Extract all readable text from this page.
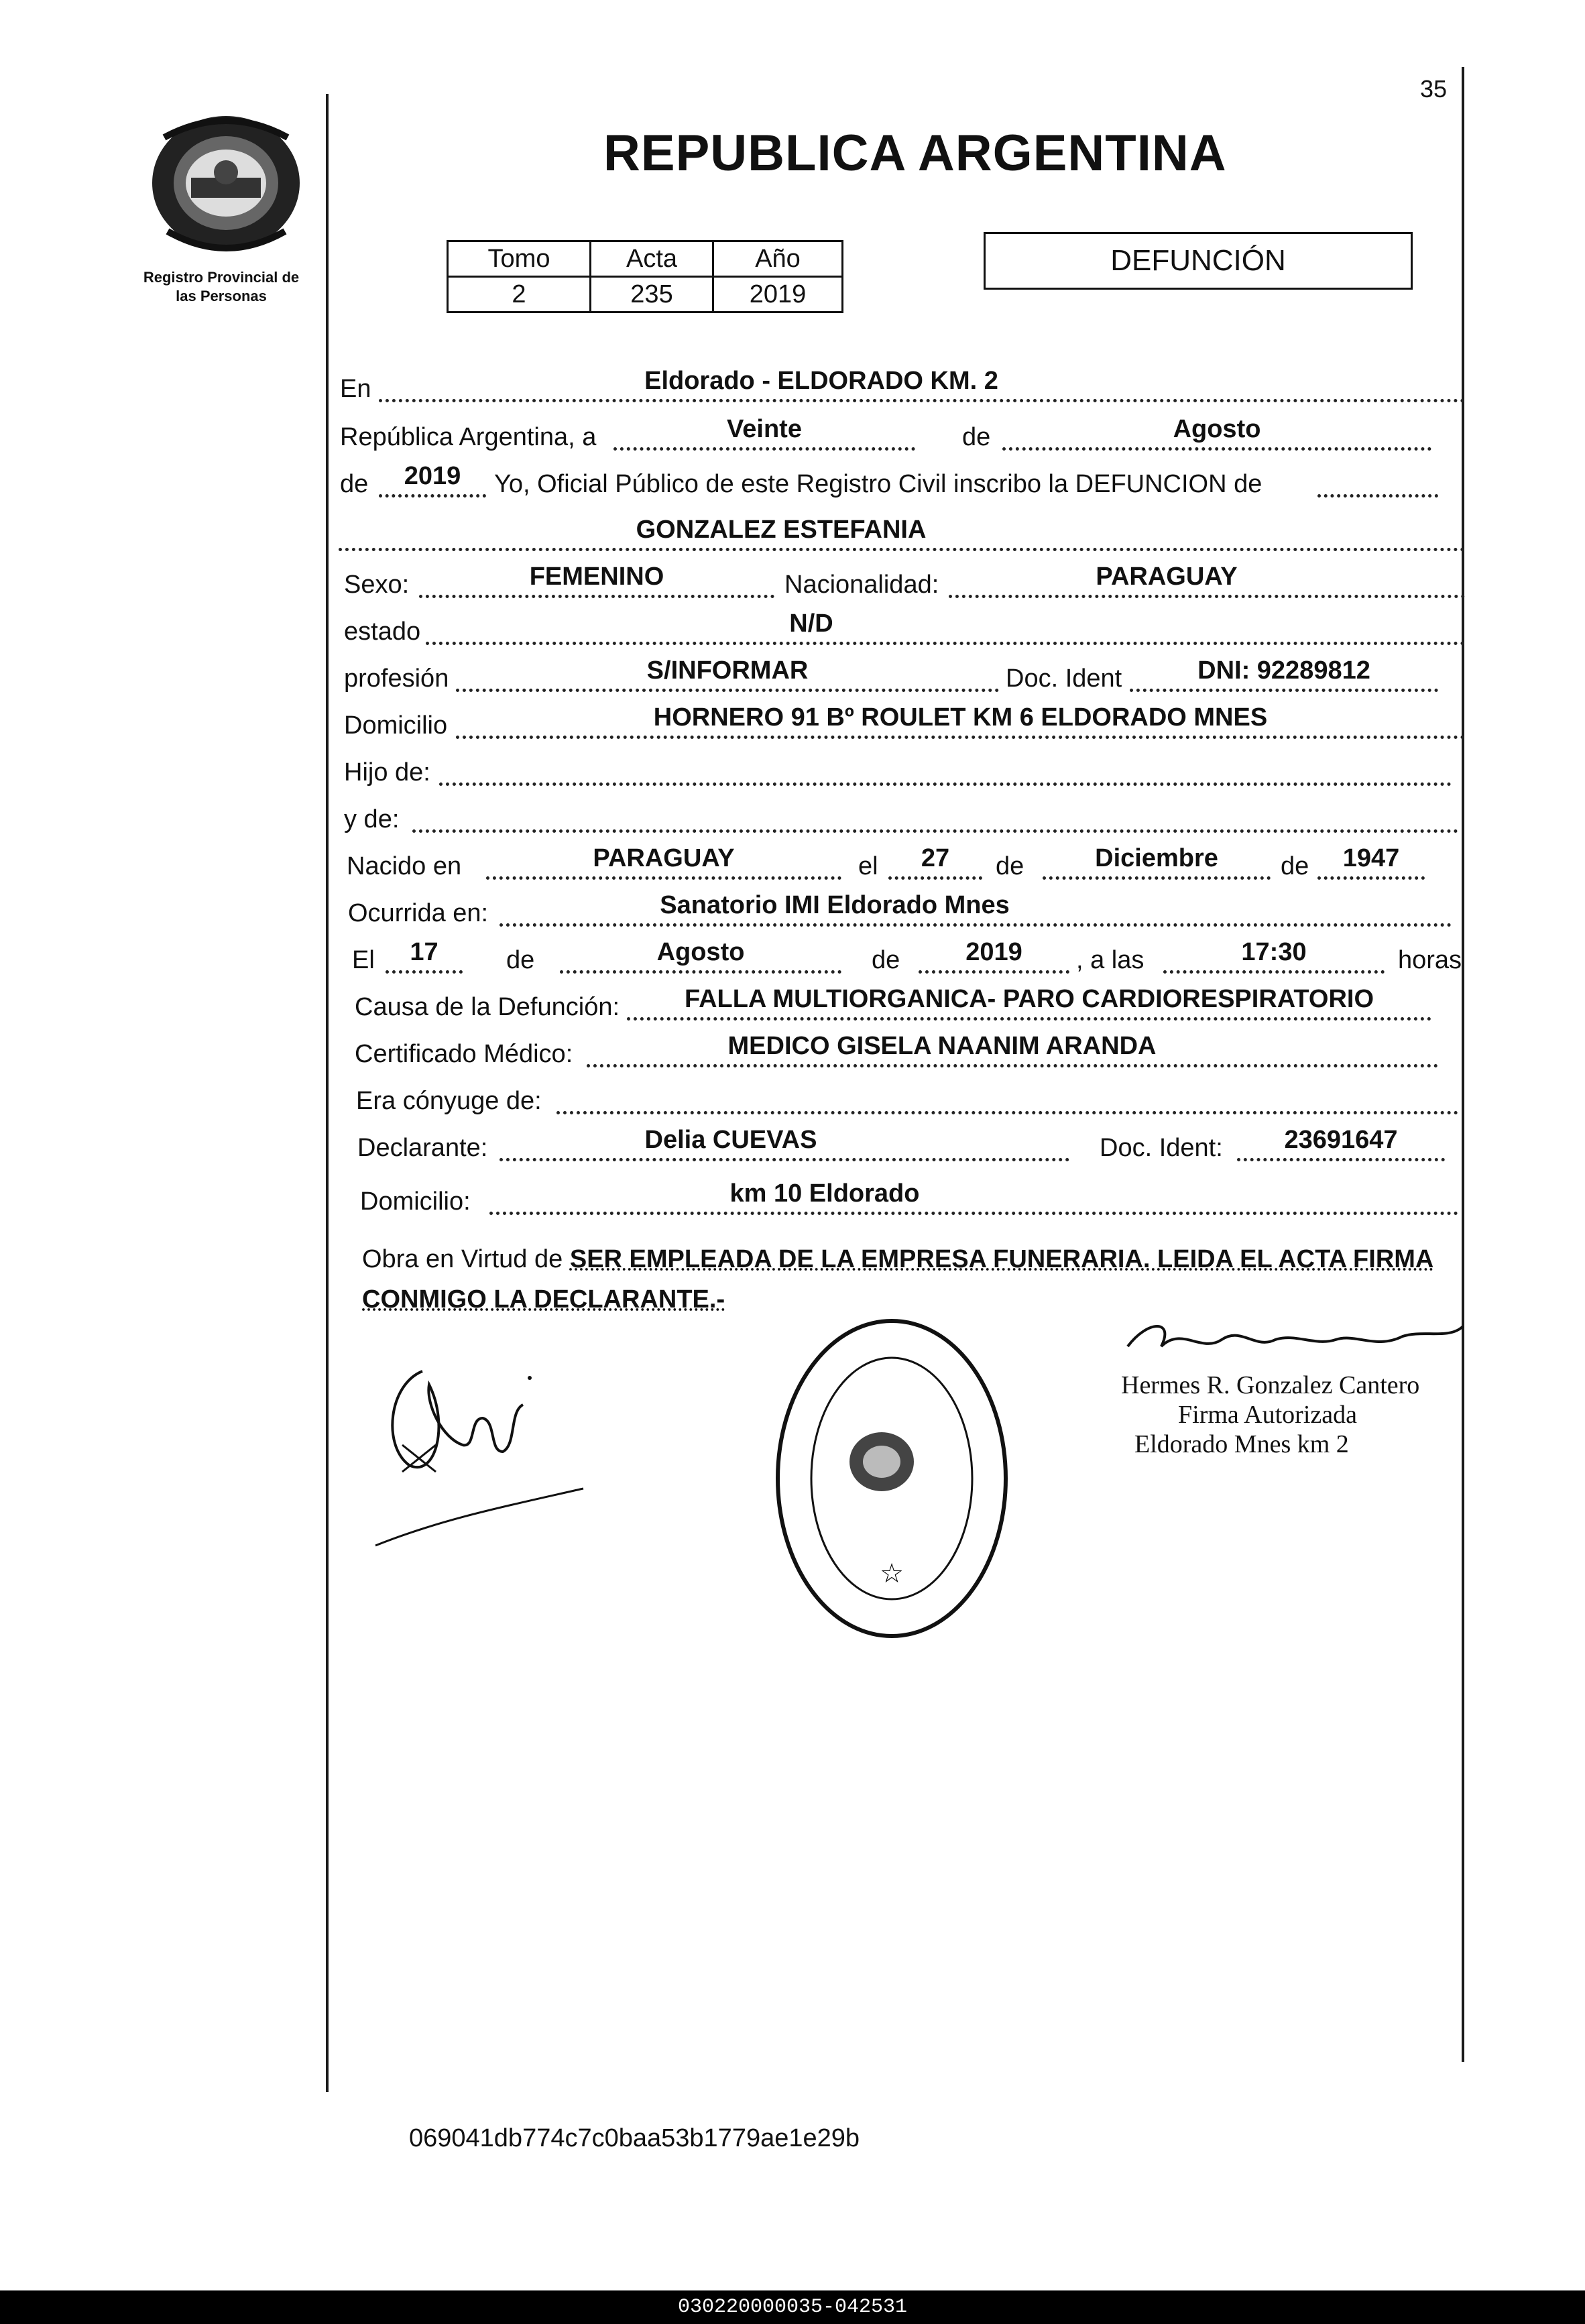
35
Registro Provincial de
las Personas
REPUBLICA ARGENTINA
Tomo	Acta	Año
2	235	2019
DEFUNCIÓN
En	Eldorado - ELDORADO KM. 2
República Argentina, a	Veinte	de	Agosto
de	2019	Yo, Oficial Público de este Registro Civil inscribo la DEFUNCION de
GONZALEZ ESTEFANIA
Sexo:	FEMENINO	Nacionalidad:	PARAGUAY
estado	N/D
profesión	S/INFORMAR	Doc. Ident	DNI: 92289812
Domicilio	HORNERO 91 Bº ROULET KM 6 ELDORADO MNES
Hijo de:
y de:
Nacido en	PARAGUAY	el	27	de	Diciembre	de	1947
Ocurrida en:	Sanatorio IMI Eldorado Mnes
El	17	de	Agosto	de	2019	, a las	17:30	horas
Causa de la Defunción:	FALLA MULTIORGANICA- PARO CARDIORESPIRATORIO
Certificado Médico:	MEDICO GISELA NAANIM ARANDA
Era cónyuge de:
Declarante:	Delia CUEVAS	Doc. Ident:	23691647
Domicilio:	km 10 Eldorado
Obra en Virtud de SER EMPLEADA DE LA EMPRESA FUNERARIA. LEIDA EL ACTA FIRMA CONMIGO LA DECLARANTE.-
☆
Hermes R. Gonzalez Cantero
Firma Autorizada
Eldorado Mnes km 2
069041db774c7c0baa53b1779ae1e29b
030220000035-042531
